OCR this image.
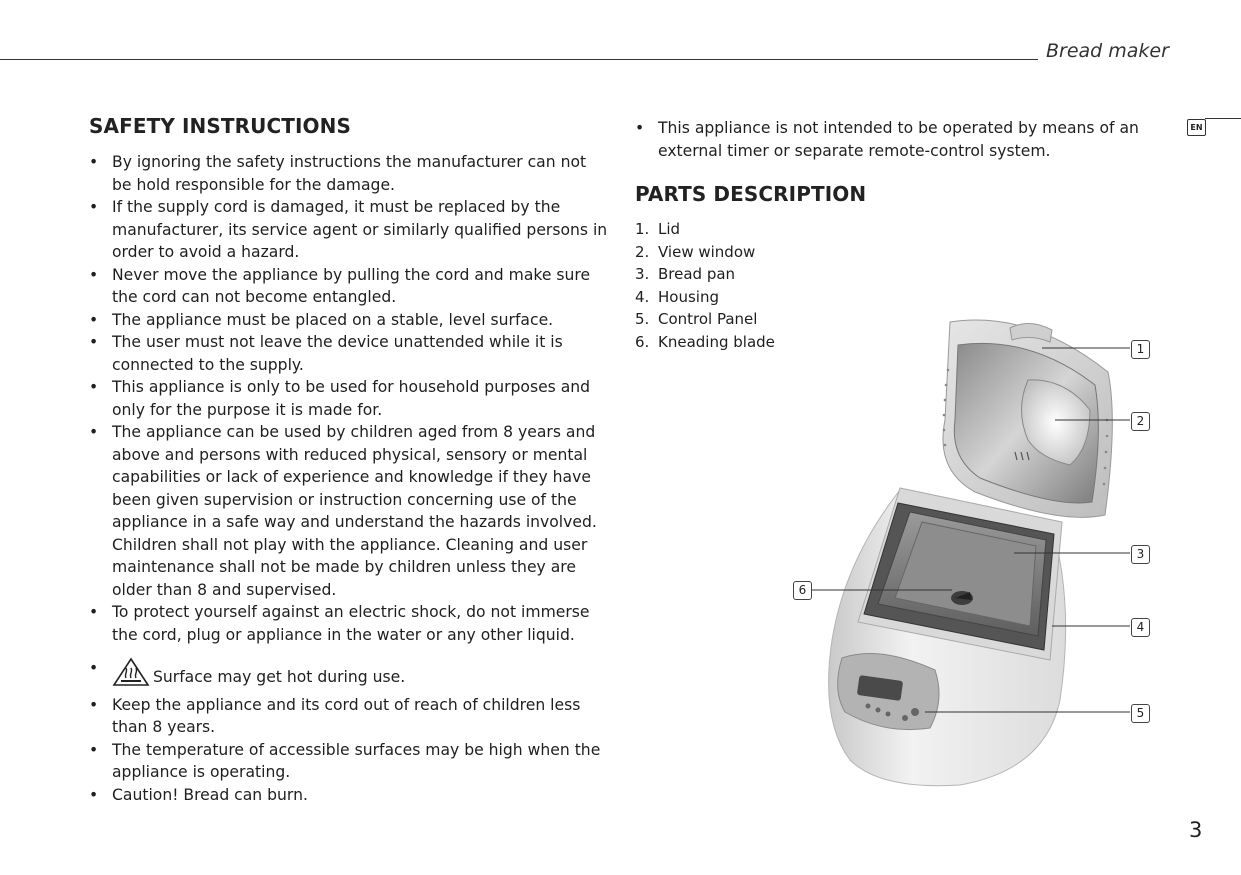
Bread maker
EN
SAFETY INSTRUCTIONS
• By ignoring the safety instructions the manufacturer can not be hold responsible for the damage.
• If the supply cord is damaged, it must be replaced by the manufacturer, its service agent or similarly qualified persons in order to avoid a hazard.
• Never move the appliance by pulling the cord and make sure the cord can not become entangled.
• The appliance must be placed on a stable, level surface.
• The user must not leave the device unattended while it is connected to the supply.
• This appliance is only to be used for household purposes and only for the purpose it is made for.
• The appliance can be used by children aged from 8 years and above and persons with reduced physical, sensory or mental capabilities or lack of experience and knowledge if they have been given supervision or instruction concerning use of the appliance in a safe way and understand the hazards involved. Children shall not play with the appliance. Cleaning and user maintenance shall not be made by children unless they are older than 8 and supervised.
• To protect yourself against an electric shock, do not immerse the cord, plug or appliance in the water or any other liquid.
• Surface may get hot during use.
• Keep the appliance and its cord out of reach of children less than 8 years.
• The temperature of accessible surfaces may be high when the appliance is operating.
• Caution! Bread can burn.
• This appliance is not intended to be operated by means of an external timer or separate remote-control system.
PARTS DESCRIPTION
1. Lid
2. View window
3. Bread pan
4. Housing
5. Control Panel
6. Kneading blade	1
2
3
4
5
6
3
